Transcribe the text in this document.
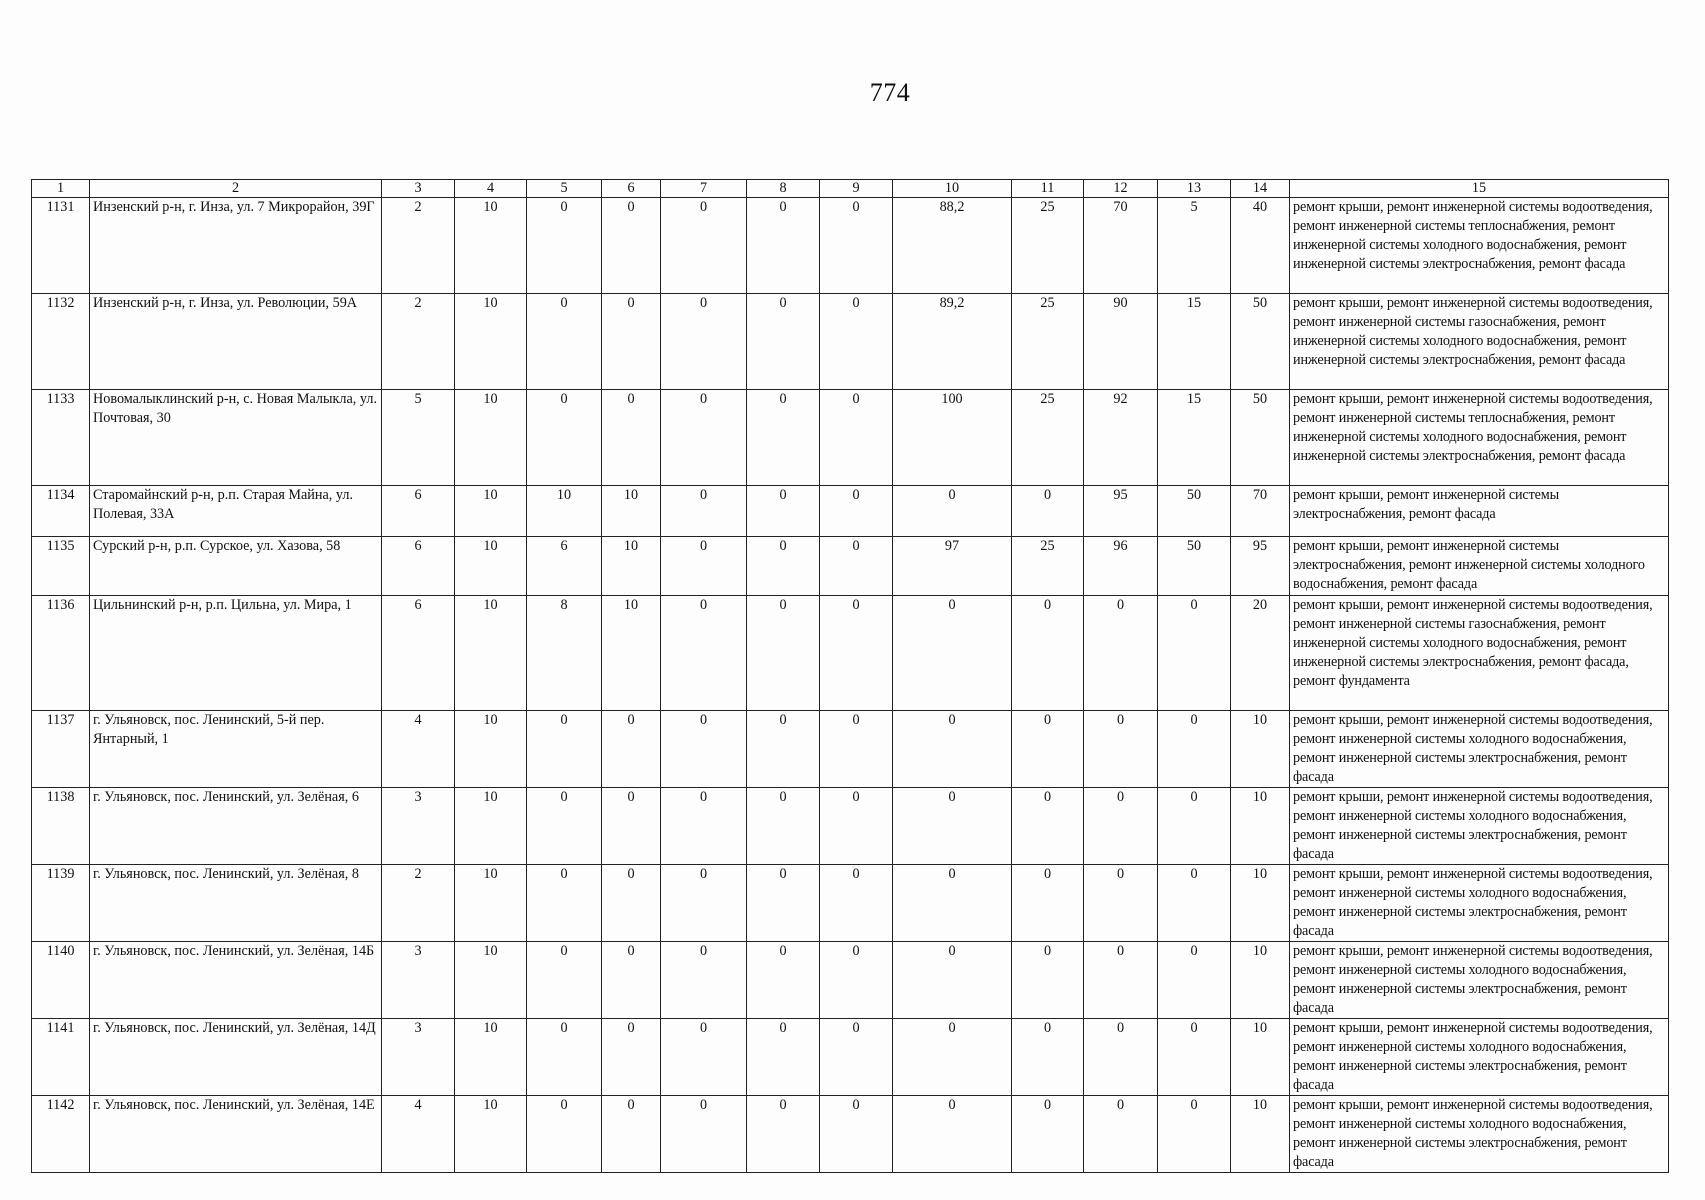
774
1	2	3	4	5	6	7	8	9	10	11	12	13	14	15
1131	Инзенский р-н, г. Инза, ул. 7 Микрорайон, 39Г	2	10	0	0	0	0	0	88,2	25	70	5	40	ремонт крыши, ремонт инженерной системы водоотведения, ремонт инженерной системы теплоснабжения, ремонт инженерной системы холодного водоснабжения, ремонт инженерной системы электроснабжения, ремонт фасада
1132	Инзенский р-н, г. Инза, ул. Революции, 59А	2	10	0	0	0	0	0	89,2	25	90	15	50	ремонт крыши, ремонт инженерной системы водоотведения, ремонт инженерной системы газоснабжения, ремонт инженерной системы холодного водоснабжения, ремонт инженерной системы электроснабжения, ремонт фасада
1133	Новомалыклинский р-н, с. Новая Малыкла, ул. Почтовая, 30	5	10	0	0	0	0	0	100	25	92	15	50	ремонт крыши, ремонт инженерной системы водоотведения, ремонт инженерной системы теплоснабжения, ремонт инженерной системы холодного водоснабжения, ремонт инженерной системы электроснабжения, ремонт фасада
1134	Старомайнский р-н, р.п. Старая Майна, ул. Полевая, 33А	6	10	10	10	0	0	0	0	0	95	50	70	ремонт крыши, ремонт инженерной системы электроснабжения, ремонт фасада
1135	Сурский р-н, р.п. Сурское, ул. Хазова, 58	6	10	6	10	0	0	0	97	25	96	50	95	ремонт крыши, ремонт инженерной системы электроснабжения, ремонт инженерной системы холодного водоснабжения, ремонт фасада
1136	Цильнинский р-н, р.п. Цильна, ул. Мира, 1	6	10	8	10	0	0	0	0	0	0	0	20	ремонт крыши, ремонт инженерной системы водоотведения, ремонт инженерной системы газоснабжения, ремонт инженерной системы холодного водоснабжения, ремонт инженерной системы электроснабжения, ремонт фасада, ремонт фундамента
1137	г. Ульяновск, пос. Ленинский, 5-й пер. Янтарный, 1	4	10	0	0	0	0	0	0	0	0	0	10	ремонт крыши, ремонт инженерной системы водоотведения, ремонт инженерной системы холодного водоснабжения, ремонт инженерной системы электроснабжения, ремонт фасада
1138	г. Ульяновск, пос. Ленинский, ул. Зелёная, 6	3	10	0	0	0	0	0	0	0	0	0	10	ремонт крыши, ремонт инженерной системы водоотведения, ремонт инженерной системы холодного водоснабжения, ремонт инженерной системы электроснабжения, ремонт фасада
1139	г. Ульяновск, пос. Ленинский, ул. Зелёная, 8	2	10	0	0	0	0	0	0	0	0	0	10	ремонт крыши, ремонт инженерной системы водоотведения, ремонт инженерной системы холодного водоснабжения, ремонт инженерной системы электроснабжения, ремонт фасада
1140	г. Ульяновск, пос. Ленинский, ул. Зелёная, 14Б	3	10	0	0	0	0	0	0	0	0	0	10	ремонт крыши, ремонт инженерной системы водоотведения, ремонт инженерной системы холодного водоснабжения, ремонт инженерной системы электроснабжения, ремонт фасада
1141	г. Ульяновск, пос. Ленинский, ул. Зелёная, 14Д	3	10	0	0	0	0	0	0	0	0	0	10	ремонт крыши, ремонт инженерной системы водоотведения, ремонт инженерной системы холодного водоснабжения, ремонт инженерной системы электроснабжения, ремонт фасада
1142	г. Ульяновск, пос. Ленинский, ул. Зелёная, 14Е	4	10	0	0	0	0	0	0	0	0	0	10	ремонт крыши, ремонт инженерной системы водоотведения, ремонт инженерной системы холодного водоснабжения, ремонт инженерной системы электроснабжения, ремонт фасада
